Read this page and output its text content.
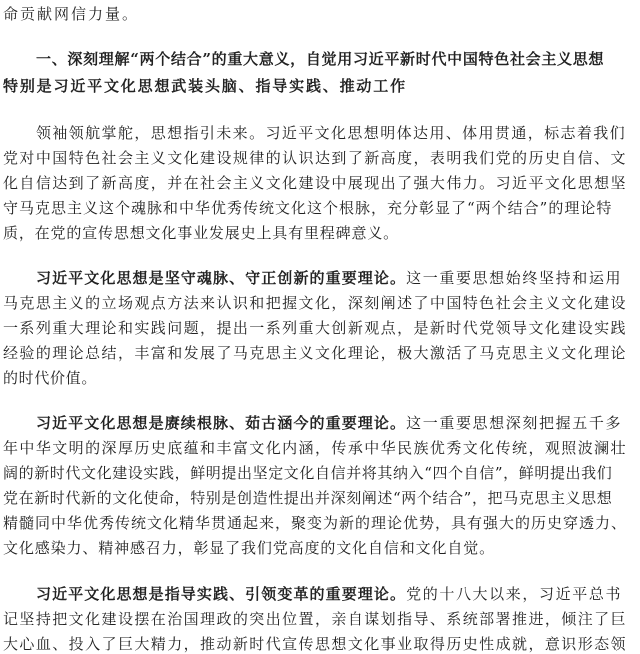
命贡献网信力量。
一、深刻理解“两个结合”的重大意义，自觉用习近平新时代中国特色社会主义思想
特别是习近平文化思想武装头脑、指导实践、推动工作
领袖领航掌舵，思想指引未来。习近平文化思想明体达用、体用贯通，标志着我们
党对中国特色社会主义文化建设规律的认识达到了新高度，表明我们党的历史自信、文
化自信达到了新高度，并在社会主义文化建设中展现出了强大伟力。习近平文化思想坚
守马克思主义这个魂脉和中华优秀传统文化这个根脉，充分彰显了“两个结合”的理论特
质，在党的宣传思想文化事业发展史上具有里程碑意义。
习近平文化思想是坚守魂脉、守正创新的重要理论。这一重要思想始终坚持和运用
马克思主义的立场观点方法来认识和把握文化，深刻阐述了中国特色社会主义文化建设
一系列重大理论和实践问题，提出一系列重大创新观点，是新时代党领导文化建设实践
经验的理论总结，丰富和发展了马克思主义文化理论，极大激活了马克思主义文化理论
的时代价值。
习近平文化思想是赓续根脉、茹古涵今的重要理论。这一重要思想深刻把握五千多
年中华文明的深厚历史底蕴和丰富文化内涵，传承中华民族优秀文化传统，观照波澜壮
阔的新时代文化建设实践，鲜明提出坚定文化自信并将其纳入“四个自信”，鲜明提出我们
党在新时代新的文化使命，特别是创造性提出并深刻阐述“两个结合”，把马克思主义思想
精髓同中华优秀传统文化精华贯通起来，聚变为新的理论优势，具有强大的历史穿透力、
文化感染力、精神感召力，彰显了我们党高度的文化自信和文化自觉。
习近平文化思想是指导实践、引领变革的重要理论。党的十八大以来，习近平总书
记坚持把文化建设摆在治国理政的突出位置，亲自谋划指导、系统部署推进，倾注了巨
大心血、投入了巨大精力，推动新时代宣传思想文化事业取得历史性成就，意识形态领
